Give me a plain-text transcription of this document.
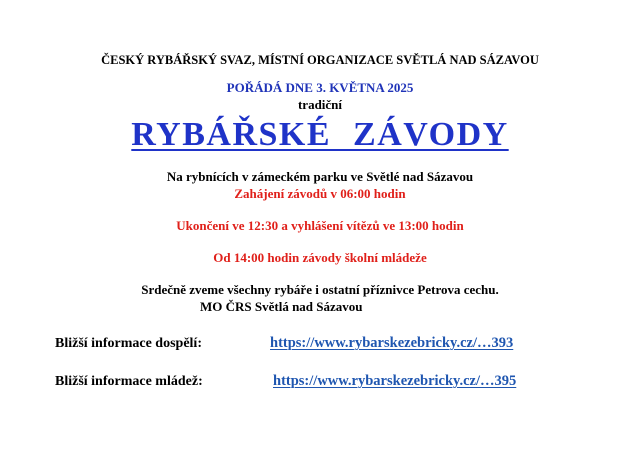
ČESKÝ RYBÁŘSKÝ SVAZ, MÍSTNÍ ORGANIZACE SVĚTLÁ NAD SÁZAVOU
POŘÁDÁ DNE 3. KVĚTNA 2025
tradiční
RYBÁŘSKÉ ZÁVODY
Na rybnících v zámeckém parku ve Světlé nad Sázavou
Zahájení závodů v 06:00 hodin
Ukončení ve 12:30 a vyhlášení vítězů ve 13:00 hodin
Od 14:00 hodin závody školní mládeže
Srdečně zveme všechny rybáře i ostatní příznivce Petrova cechu.
MO ČRS Světlá nad Sázavou
Bližší informace dospělí:	https://www.rybarskezebricky.cz/…393
Bližší informace mládež:	https://www.rybarskezebricky.cz/…395
